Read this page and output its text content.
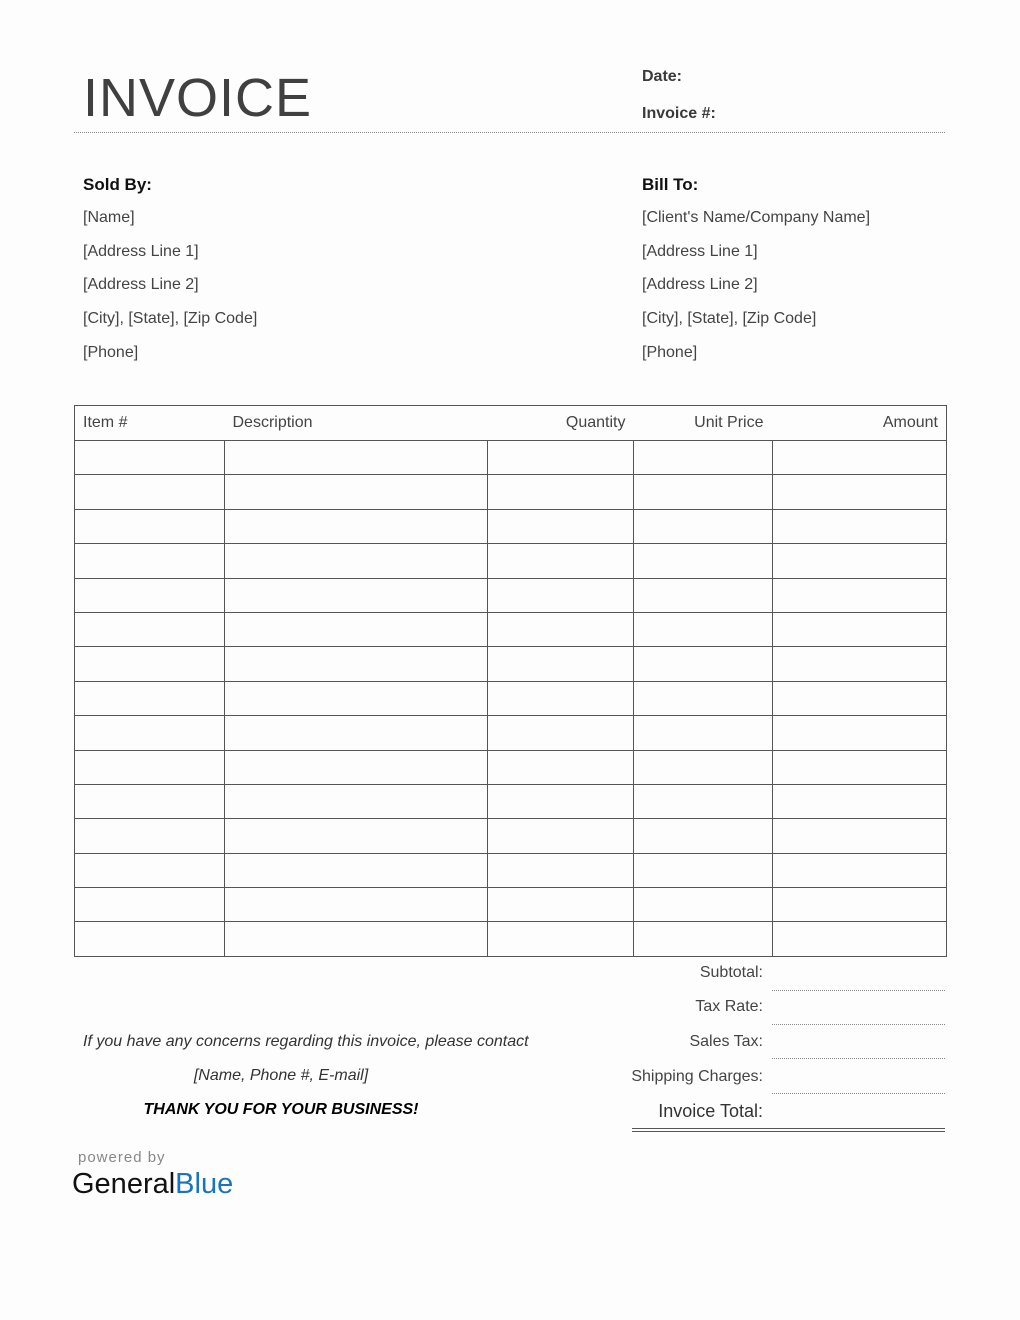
INVOICE	Date:
Invoice #:
Sold By:
[Name]
[Address Line 1]
[Address Line 2]
[City], [State], [Zip Code]
[Phone]
Bill To:
[Client's Name/Company Name]
[Address Line 1]
[Address Line 2]
[City], [State], [Zip Code]
[Phone]
Item #	Description	Quantity	Unit Price	Amount

Subtotal:
Tax Rate:
Sales Tax:
Shipping Charges:
Invoice Total:
If you have any concerns regarding this invoice, please contact
[Name, Phone #, E-mail]
THANK YOU FOR YOUR BUSINESS!
powered by
GeneralBlue
